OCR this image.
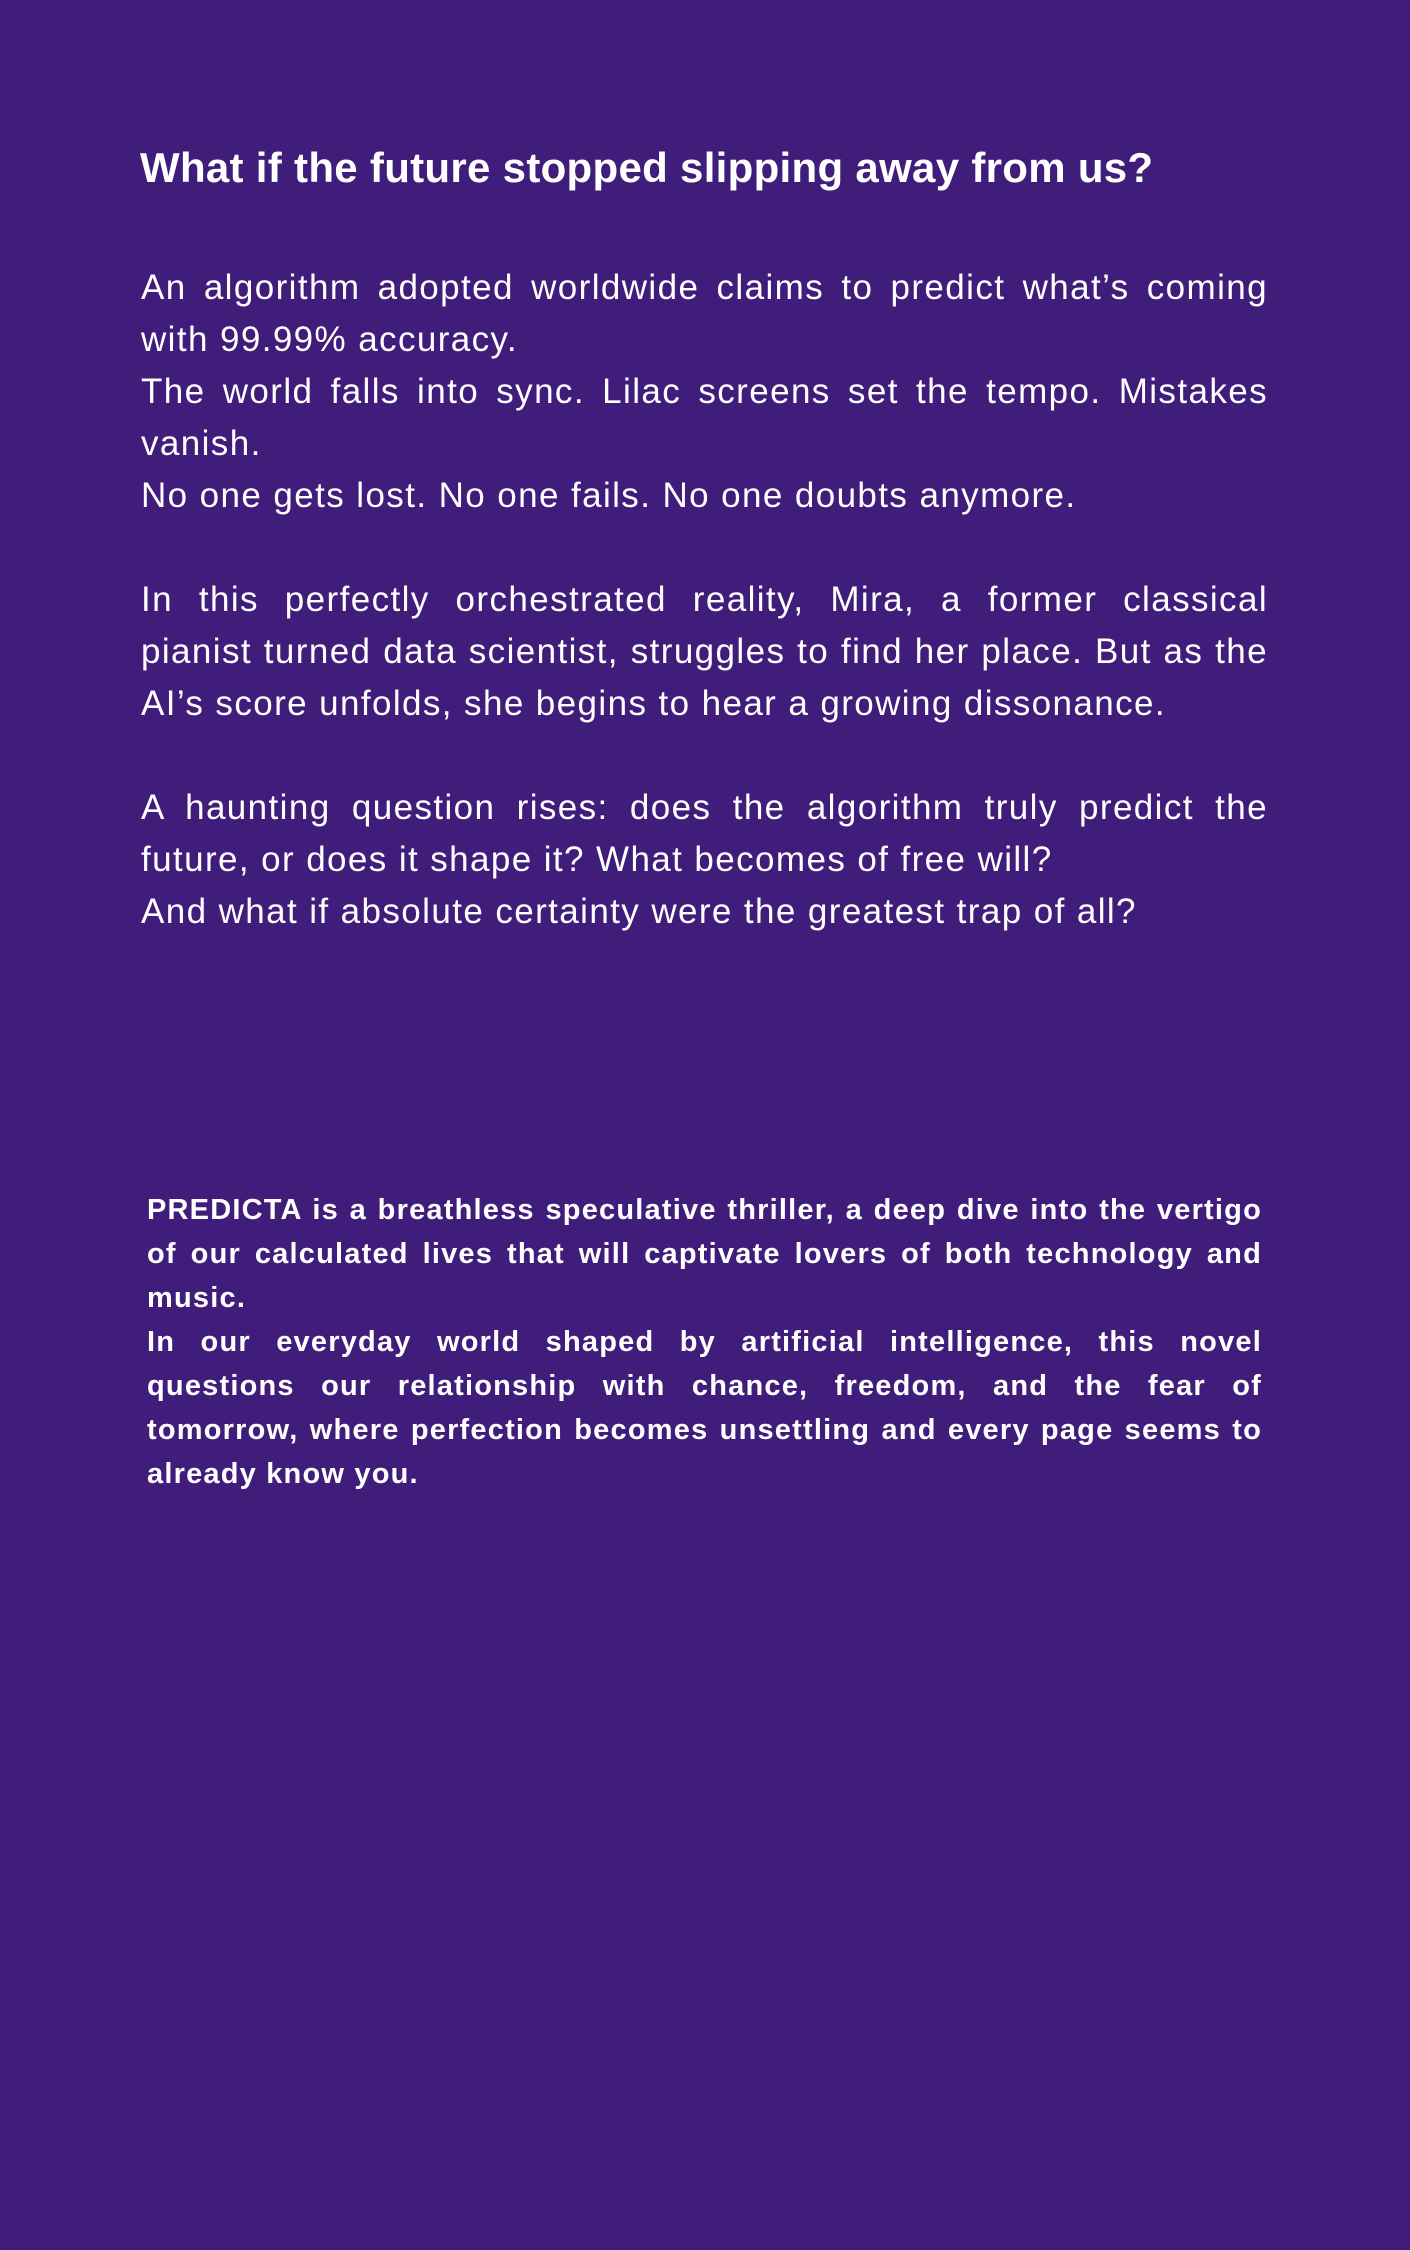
What if the future stopped slipping away from us?

An algorithm adopted worldwide claims to predict what’s coming with 99.99% accuracy.
The world falls into sync. Lilac screens set the tempo. Mistakes vanish.
No one gets lost. No one fails. No one doubts anymore.

In this perfectly orchestrated reality, Mira, a former classical pianist turned data scientist, struggles to find her place. But as the AI’s score unfolds, she begins to hear a growing dissonance.

A haunting question rises: does the algorithm truly predict the future, or does it shape it? What becomes of free will?
And what if absolute certainty were the greatest trap of all?

PREDICTA is a breathless speculative thriller, a deep dive into the vertigo of our calculated lives that will captivate lovers of both technology and music.

In our everyday world shaped by artificial intelligence, this novel questions our relationship with chance, freedom, and the fear of tomorrow, where perfection becomes unsettling and every page seems to already know you.
